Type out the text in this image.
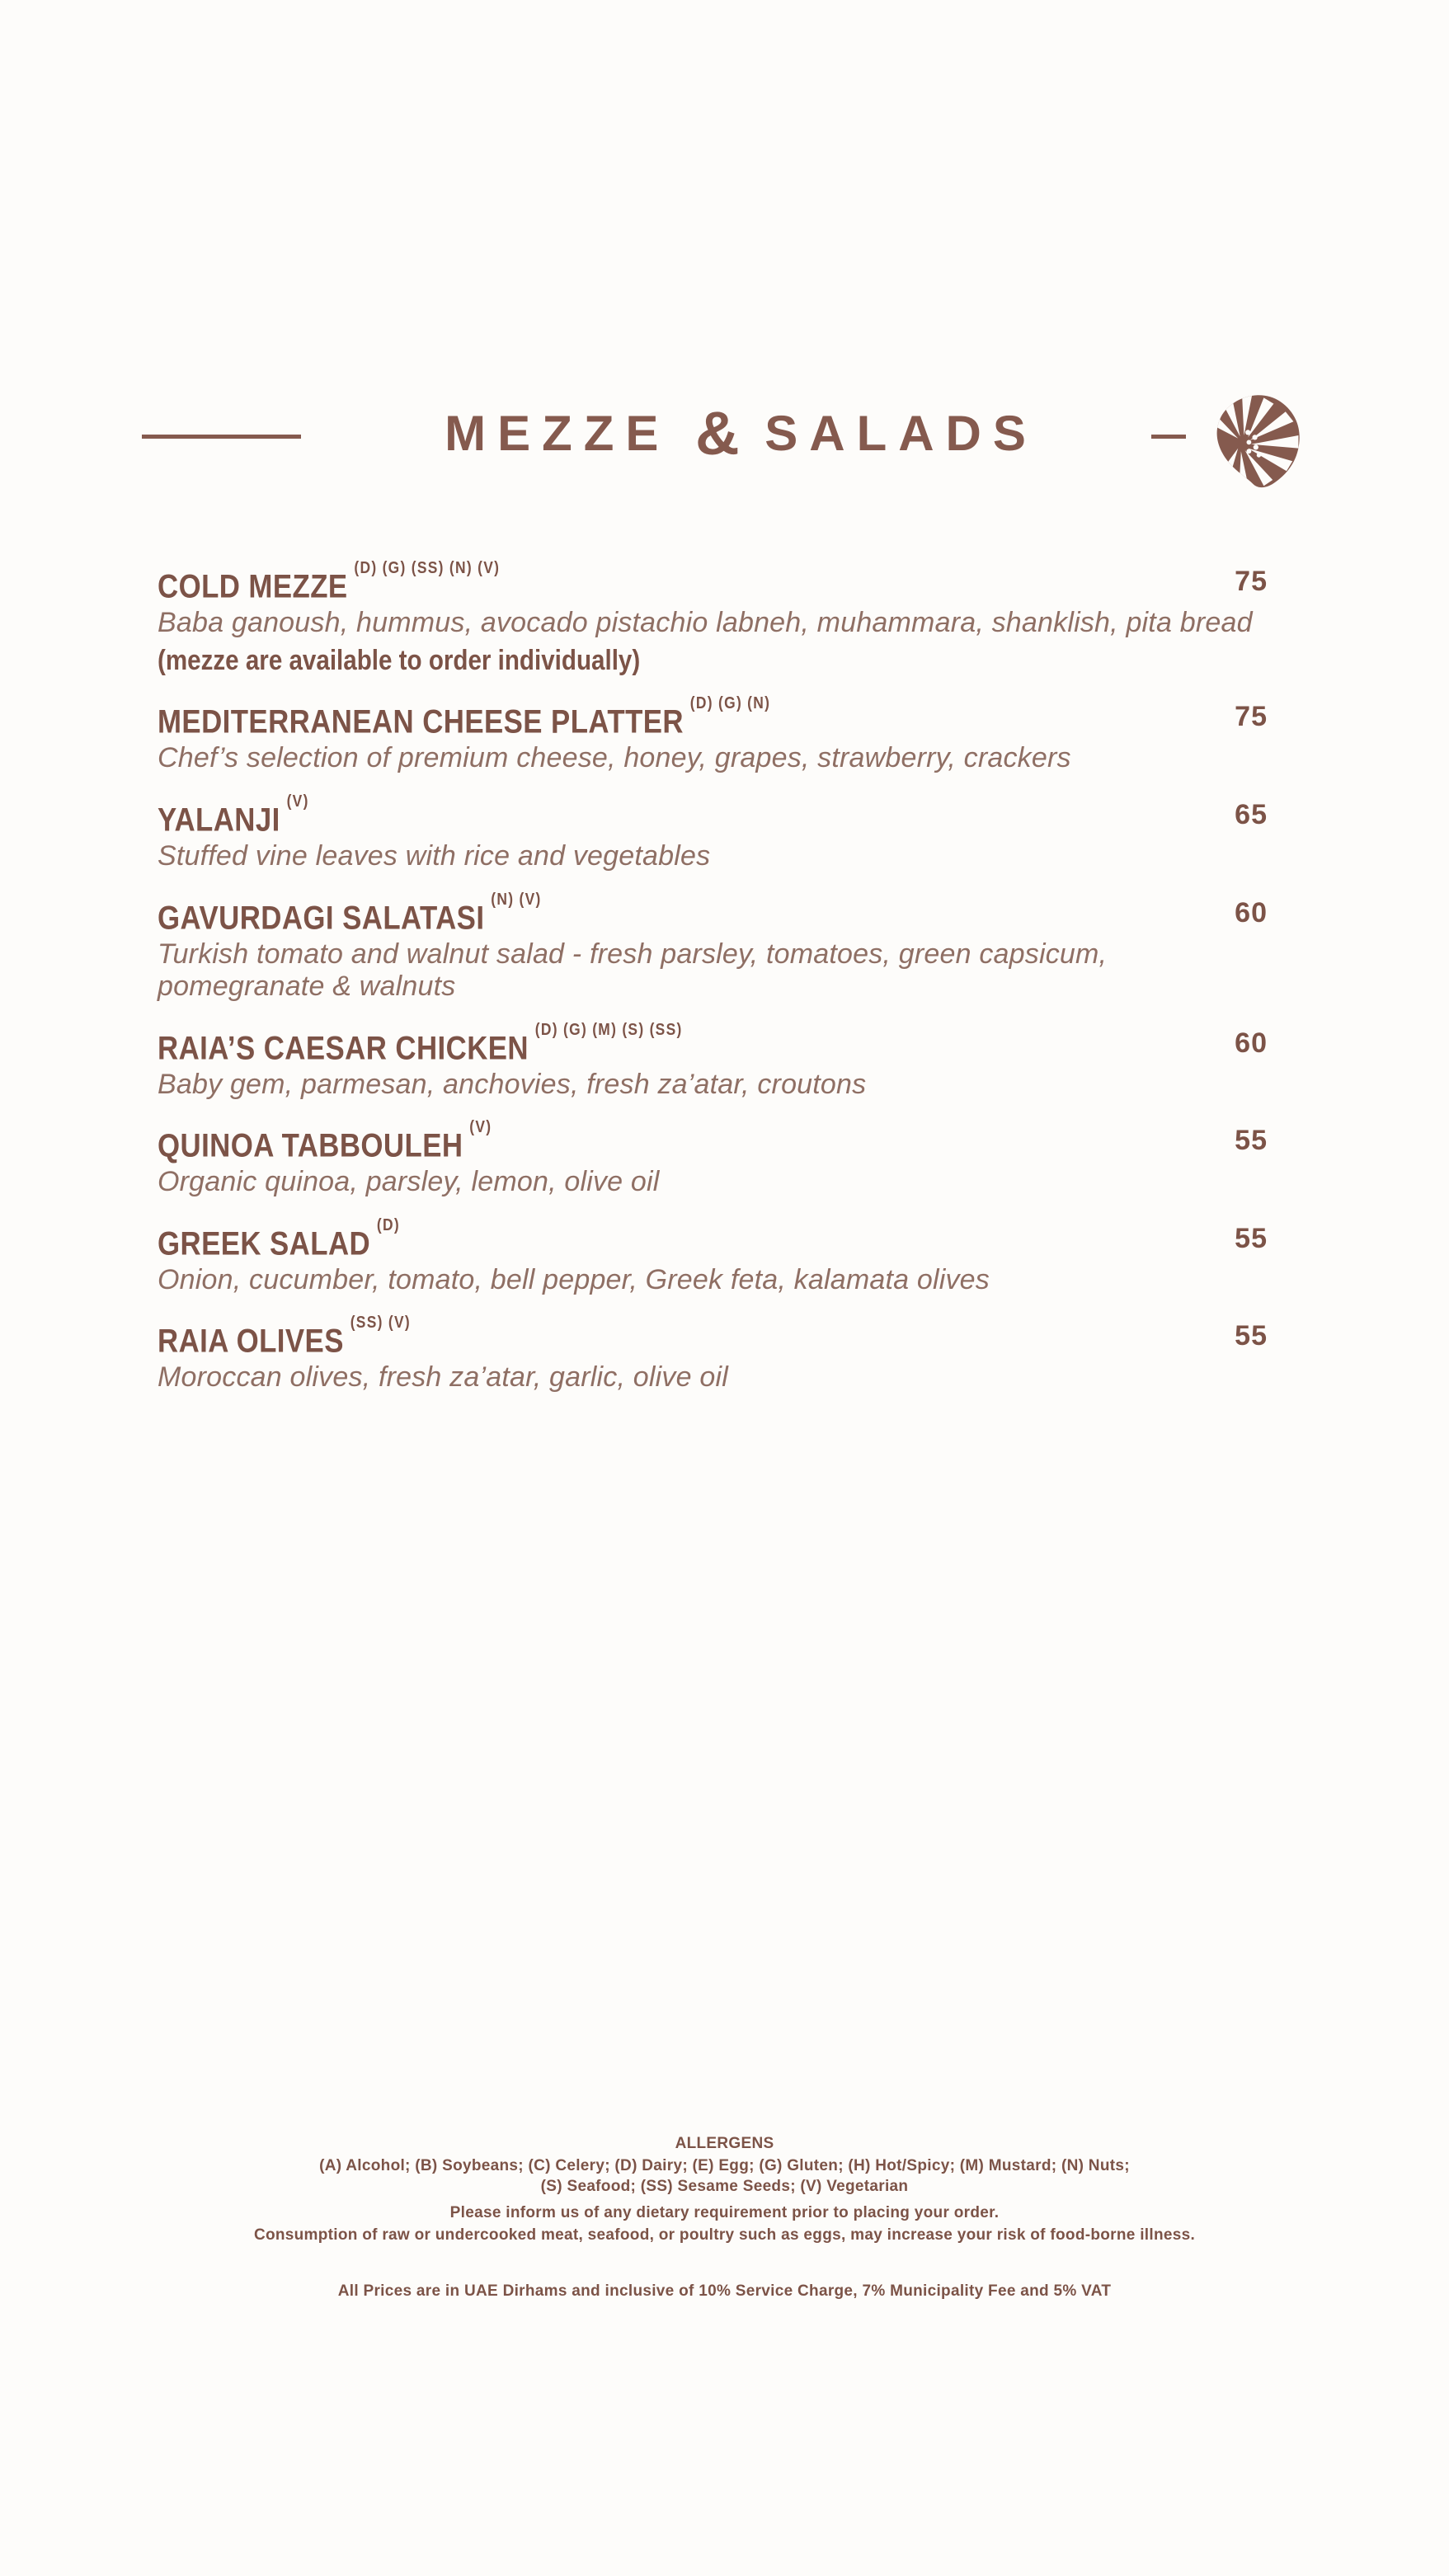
MEZZE & SALADS
COLD $MEZZE^{(D) (G) (SS) (N) (V)}$	75

Baba ganoush, hummus, avocado pistachio labneh, muhammara, shanklish, pita bread

(mezze are available to order individually)

MEDITERRANEAN CHEESE $PLATTER^{(D) (G) (N)}$	75

Chef’s selection of premium cheese, honey, grapes, strawberry, crackers

$YALANJI^{(V)}$	65

Stuffed vine leaves with rice and vegetables

GAVURDAGI $SALATASI^{(N) (V)}$	60

Turkish tomato and walnut salad - fresh parsley, tomatoes, green capsicum,

pomegranate & walnuts

RAIA’S CAESAR $CHICKEN^{(D) (G) (M) (S) (SS)}$	60

Baby gem, parmesan, anchovies, fresh za’atar, croutons

QUINOA $TABBOULEH^{(V)}$	55

Organic quinoa, parsley, lemon, olive oil

GREEK $SALAD^{(D)}$	55

Onion, cucumber, tomato, bell pepper, Greek feta, kalamata olives

RAIA $OLIVES^{(SS) (V)}$	55

Moroccan olives, fresh za’atar, garlic, olive oil

ALLERGENS

(A) Alcohol; (B) Soybeans; (C) Celery; (D) Dairy; (E) Egg; (G) Gluten; (H) Hot/Spicy; (M) Mustard; (N) Nuts;

(S) Seafood; (SS) Sesame Seeds; (V) Vegetarian

Please inform us of any dietary requirement prior to placing your order.

Consumption of raw or undercooked meat, seafood, or poultry such as eggs, may increase your risk of food-borne illness.

All Prices are in UAE Dirhams and inclusive of 10% Service Charge, 7% Municipality Fee and 5% VAT
